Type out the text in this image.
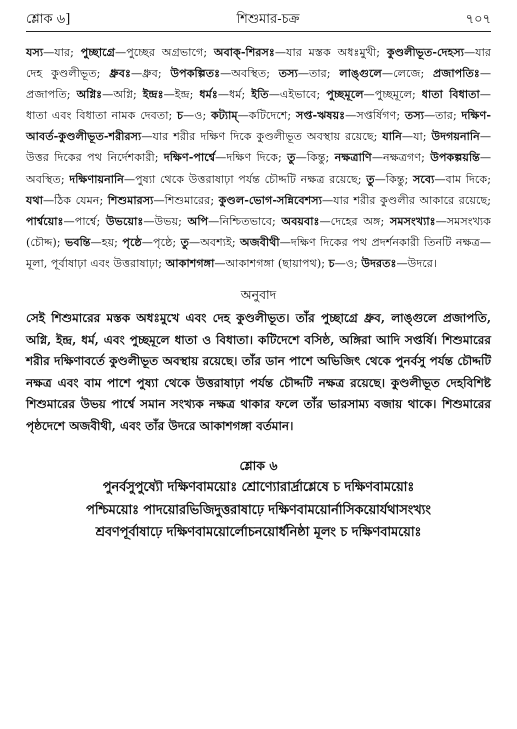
শ্লোক ৬]	শিশুমার-চক্র	৭০৭

যস্য—যার; পুচ্ছাগ্রে—পুচ্ছের অগ্রভাগে; অবাক্-শিরসঃ—যার মস্তক অধঃমুখী; কুণ্ডলীভূত-দেহস্য—যার দেহ কুণ্ডলীভূত; ধ্রুবঃ—ধ্রুব; উপকল্পিতঃ—অবস্থিত; তস্য—তার; লাঙ্গুলে—লেজে; প্রজাপতিঃ—প্রজাপতি; অগ্নিঃ—অগ্নি; ইন্দ্রঃ—ইন্দ্র; ধর্মঃ—ধর্ম; ইতি—এইভাবে; পুচ্ছমূলে—পুচ্ছমূলে; ধাতা বিধাতা—ধাতা এবং বিধাতা নামক দেবতা; চ—ও; কট্যাম্—কটিদেশে; সপ্ত-ঋষয়ঃ—সপ্তর্ষিগণ; তস্য—তার; দক্ষিণ-আবর্ত-কুণ্ডলীভূত-শরীরস্য—যার শরীর দক্ষিণ দিকে কুণ্ডলীভূত অবস্থায় রয়েছে; যানি—যা; উদগয়নানি—উত্তর দিকের পথ নির্দেশকারী; দক্ষিণ-পার্শ্বে—দক্ষিণ দিকে; তু—কিন্তু; নক্ষত্রাণি—নক্ষত্রগণ; উপকল্পয়ন্তি—অবস্থিত; দক্ষিণায়নানি—পুষ্যা থেকে উত্তরাষাঢ়া পর্যন্ত চৌদ্দটি নক্ষত্র রয়েছে; তু—কিন্তু; সব্যে—বাম দিকে; যথা—ঠিক যেমন; শিশুমারস্য—শিশুমারের; কুণ্ডল-ভোগ-সন্নিবেশস্য—যার শরীর কুণ্ডলীর আকারে রয়েছে; পার্শ্বয়োঃ—পার্শ্বে; উভয়োঃ—উভয়; অপি—নিশ্চিতভাবে; অবয়বাঃ—দেহের অঙ্গ; সমসংখ্যাঃ—সমসংখ্যক (চৌদ্দ); ভবন্তি—হয়; পৃষ্ঠে—পৃষ্ঠে; তু—অবশ্যই; অজবীথী—দক্ষিণ দিকের পথ প্রদর্শনকারী তিনটি নক্ষত্র—মূলা, পূর্বাষাঢ়া এবং উত্তরাষাঢ়া; আকাশগঙ্গা—আকাশগঙ্গা (ছায়াপথ); চ—ও; উদরতঃ—উদরে।

অনুবাদ

সেই শিশুমারের মস্তক অধঃমুখে এবং দেহ কুণ্ডলীভূত। তাঁর পুচ্ছাগ্রে ধ্রুব, লাঙ্গুলে প্রজাপতি, অগ্নি, ইন্দ্র, ধর্ম, এবং পুচ্ছমূলে ধাতা ও বিধাতা। কটিদেশে বসিষ্ঠ, অঙ্গিরা আদি সপ্তর্ষি। শিশুমারের শরীর দক্ষিণাবর্তে কুণ্ডলীভূত অবস্থায় রয়েছে। তাঁর ডান পাশে অভিজিৎ থেকে পুনর্বসু পর্যন্ত চৌদ্দটি নক্ষত্র এবং বাম পাশে পুষ্যা থেকে উত্তরাষাঢ়া পর্যন্ত চৌদ্দটি নক্ষত্র রয়েছে। কুণ্ডলীভূত দেহবিশিষ্ট শিশুমারের উভয় পার্শ্বে সমান সংখ্যক নক্ষত্র থাকার ফলে তাঁর ভারসাম্য বজায় থাকে। শিশুমারের পৃষ্ঠদেশে অজবীথী, এবং তাঁর উদরে আকাশগঙ্গা বর্তমান।

শ্লোক ৬
পুনর্বসুপুষ্যৌ দক্ষিণবাময়োঃ শ্রোণ্যোরার্দ্রাশ্লেষে চ দক্ষিণবাময়োঃ
পশ্চিময়োঃ পাদয়োরভিজিদুত্তরাষাঢ়ে দক্ষিণবাময়োর্নাসিকয়োর্যথাসংখ্যং
শ্রবণপূর্বাষাঢ়ে দক্ষিণবাময়োর্লোচনয়োর্ধনিষ্ঠা মূলং চ দক্ষিণবাময়োঃ
